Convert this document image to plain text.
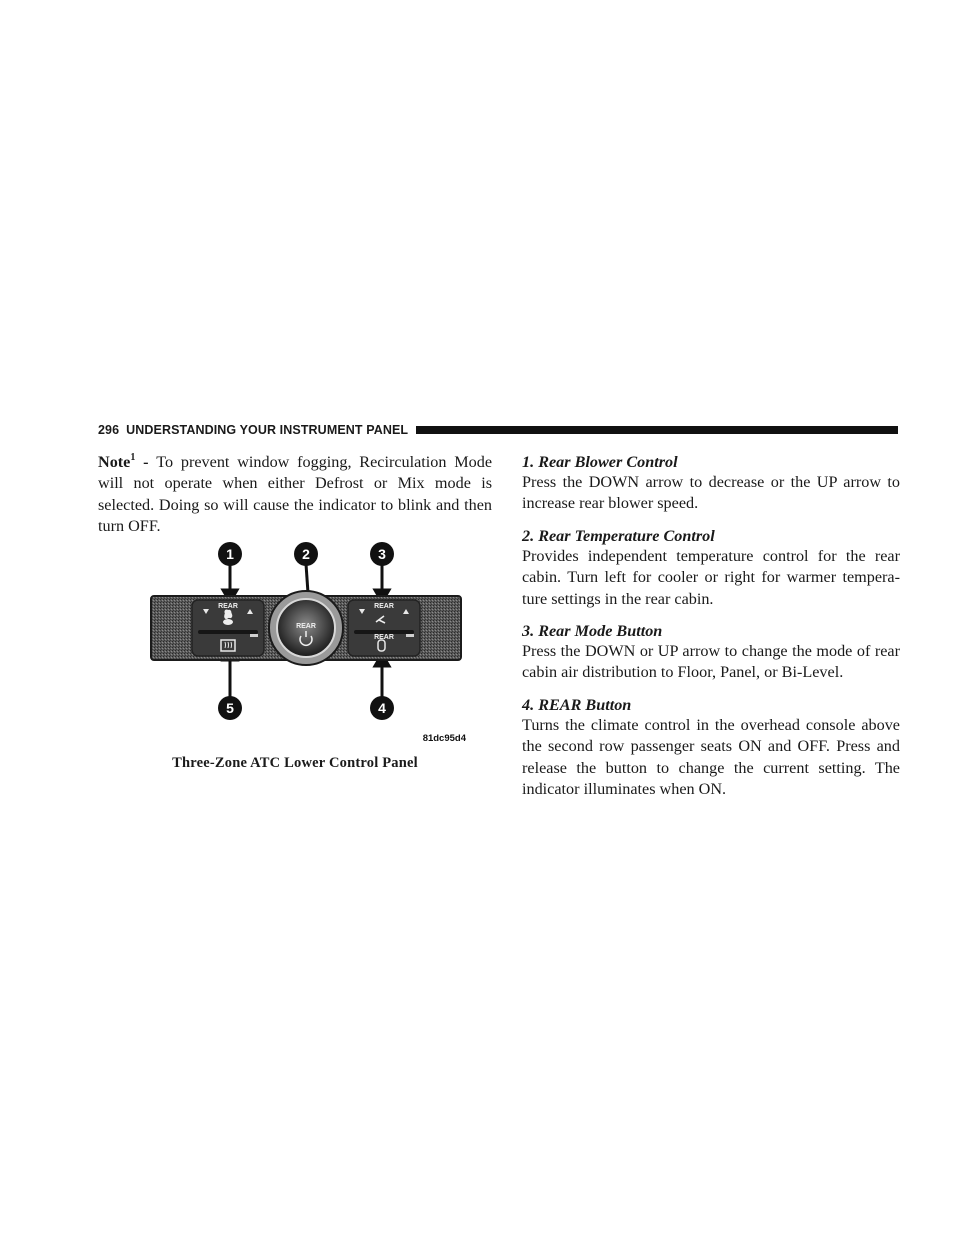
296 UNDERSTANDING YOUR INSTRUMENT PANEL

Note$^1$ - To prevent window fogging, Recirculation Mode will not operate when either Defrost or Mix mode is selected. Doing so will cause the indicator to blink and then turn OFF.

REAR
REAR
REAR
REAR
1	2	3
4
5
81dc95d4
Three-Zone ATC Lower Control Panel

1. Rear Blower Control

Press the DOWN arrow to decrease or the UP arrow to increase rear blower speed.

2. Rear Temperature Control

Provides independent temperature control for the rear cabin. Turn left for cooler or right for warmer tempera- ture settings in the rear cabin.

3. Rear Mode Button

Press the DOWN or UP arrow to change the mode of rear cabin air distribution to Floor, Panel, or Bi-Level.

4. REAR Button

Turns the climate control in the overhead console above the second row passenger seats ON and OFF. Press and release the button to change the current setting. The indicator illuminates when ON.
